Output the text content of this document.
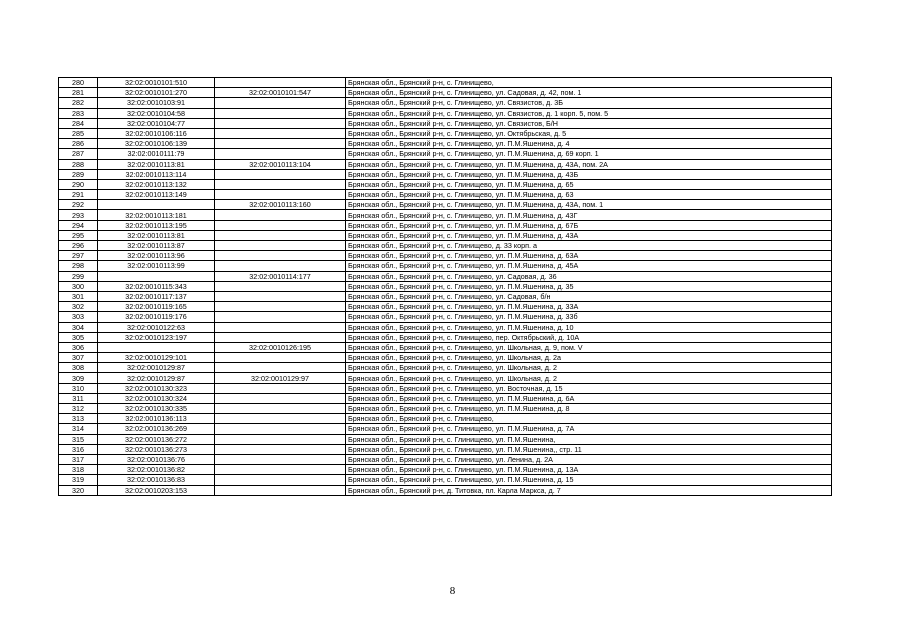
280	32:02:0010101:510		Брянская обл., Брянский р-н, с. Глинищево,
281	32:02:0010101:270	32:02:0010101:547	Брянская обл., Брянский р-н, с. Глинищево, ул. Садовая, д. 42, пом. 1
282	32:02:0010103:91		Брянская обл., Брянский р-н, с. Глинищево, ул. Связистов, д. 3Б
283	32:02:0010104:58		Брянская обл., Брянский р-н, с. Глинищево, ул. Связистов, д. 1 корп. 5, пом. 5
284	32:02:0010104:77		Брянская обл., Брянский р-н, с. Глинищево, ул. Связистов, Б/Н
285	32:02:0010106:116		Брянская обл., Брянский р-н, с. Глинищево, ул. Октябрьская, д. 5
286	32:02:0010106:139		Брянская обл., Брянский р-н, с. Глинищево, ул. П.М.Яшенина, д. 4
287	32:02:0010111:79		Брянская обл., Брянский р-н, с. Глинищево, ул. П.М.Яшенина, д. 69 корп. 1
288	32:02:0010113:81	32:02:0010113:104	Брянская обл., Брянский р-н, с. Глинищево, ул. П.М.Яшенина, д. 43А, пом. 2А
289	32:02:0010113:114		Брянская обл., Брянский р-н, с. Глинищево, ул. П.М.Яшенина, д. 43Б
290	32:02:0010113:132		Брянская обл., Брянский р-н, с. Глинищево, ул. П.М.Яшенина, д. 65
291	32:02:0010113:149		Брянская обл., Брянский р-н, с. Глинищево, ул. П.М.Яшенина, д. 63
292		32:02:0010113:160	Брянская обл., Брянский р-н, с. Глинищево, ул. П.М.Яшенина, д. 43А, пом. 1
293	32:02:0010113:181		Брянская обл., Брянский р-н, с. Глинищево, ул. П.М.Яшенина, д. 43Г
294	32:02:0010113:195		Брянская обл., Брянский р-н, с. Глинищево, ул. П.М.Яшенина, д. 67Б
295	32:02:0010113:81		Брянская обл., Брянский р-н, с. Глинищево, ул. П.М.Яшенина, д. 43А
296	32:02:0010113:87		Брянская обл., Брянский р-н, с. Глинищево, д. 33 корп. а
297	32:02:0010113:96		Брянская обл., Брянский р-н, с. Глинищево, ул. П.М.Яшенина, д. 63А
298	32:02:0010113:99		Брянская обл., Брянский р-н, с. Глинищево, ул. П.М.Яшенина, д. 45А
299		32:02:0010114:177	Брянская обл., Брянский р-н, с. Глинищево, ул. Садовая, д. 36
300	32:02:0010115:343		Брянская обл., Брянский р-н, с. Глинищево, ул. П.М.Яшенина, д. 35
301	32:02:0010117:137		Брянская обл., Брянский р-н, с. Глинищево, ул. Садовая, б/н
302	32:02:0010119:165		Брянская обл., Брянский р-н, с. Глинищево, ул. П.М.Яшенина, д. 33А
303	32:02:0010119:176		Брянская обл., Брянский р-н, с. Глинищево, ул. П.М.Яшенина, д. 33б
304	32:02:0010122:63		Брянская обл., Брянский р-н, с. Глинищево, ул. П.М.Яшенина, д. 10
305	32:02:0010123:197		Брянская обл., Брянский р-н, с. Глинищево, пер. Октябрьский, д. 10А
306		32:02:0010126:195	Брянская обл., Брянский р-н, с. Глинищево, ул. Школьная, д. 9, пом. V
307	32:02:0010129:101		Брянская обл., Брянский р-н, с. Глинищево, ул. Школьная, д. 2а
308	32:02:0010129:87		Брянская обл., Брянский р-н, с. Глинищево, ул. Школьная, д. 2
309	32:02:0010129:87	32:02:0010129:97	Брянская обл., Брянский р-н, с. Глинищево, ул. Школьная, д. 2
310	32:02:0010130:323		Брянская обл., Брянский р-н, с. Глинищево, ул. Восточная, д. 15
311	32:02:0010130:324		Брянская обл., Брянский р-н, с. Глинищево, ул. П.М.Яшенина, д. 6А
312	32:02:0010130:335		Брянская обл., Брянский р-н, с. Глинищево, ул. П.М.Яшенина, д. 8
313	32:02:0010136:113		Брянская обл., Брянский р-н, с. Глинищево,
314	32:02:0010136:269		Брянская обл., Брянский р-н, с. Глинищево, ул. П.М.Яшенина, д. 7А
315	32:02:0010136:272		Брянская обл., Брянский р-н, с. Глинищево, ул. П.М.Яшенина,
316	32:02:0010136:273		Брянская обл., Брянский р-н, с. Глинищево, ул. П.М.Яшенина,, стр. 11
317	32:02:0010136:76		Брянская обл., Брянский р-н, с. Глинищево, ул. Ленина, д. 2А
318	32:02:0010136:82		Брянская обл., Брянский р-н, с. Глинищево, ул. П.М.Яшенина, д. 13А
319	32:02:0010136:83		Брянская обл., Брянский р-н, с. Глинищево, ул. П.М.Яшенина, д. 15
320	32:02:0010203:153		Брянская обл., Брянский р-н, д. Титовка, пл. Карла Маркса, д. 7
8
